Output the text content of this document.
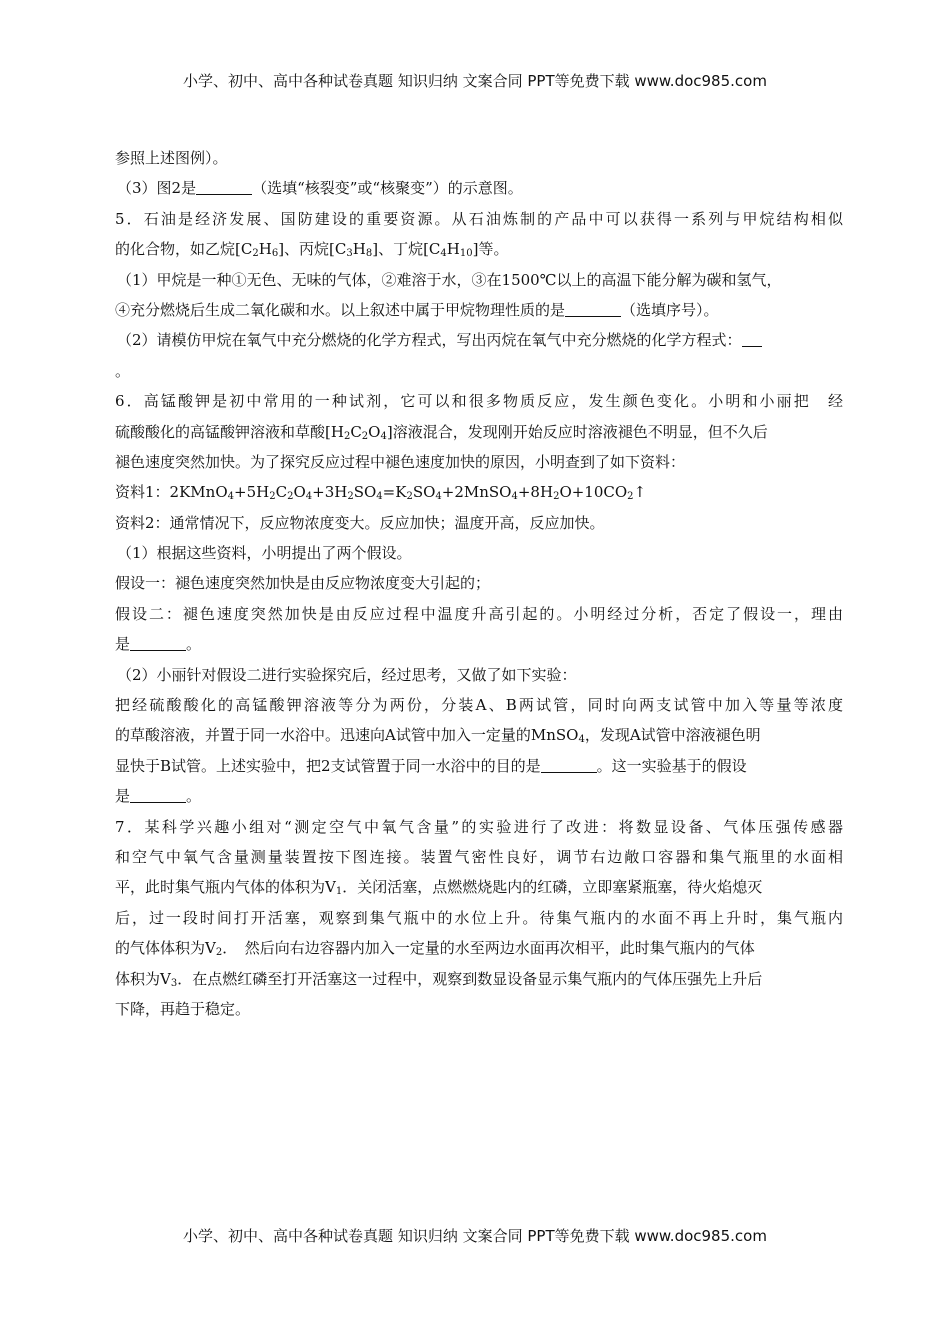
小学、初中、高中各种试卷真题 知识归纳 文案合同 PPT等免费下载 www.doc985.com
参照上述图例）。
（3）图2是	（选填“核裂变”或“核聚变”）的示意图。
5．石油是经济发展、国防建设的重要资源。从石油炼制的产品中可以获得一系列与甲烷结构相似
的化合物，如乙烷$[C_2H_6]$、丙烷$[C_3H_8]$、丁烷$[C_4H_{10}]$等。
（1）甲烷是一种①无色、无味的气体，②难溶于水，③在1500℃以上的高温下能分解为碳和氢气，
④充分燃烧后生成二氧化碳和水。以上叙述中属于甲烷物理性质的是	（选填序号）。
（2）请模仿甲烷在氧气中充分燃烧的化学方程式，写出丙烷在氧气中充分燃烧的化学方程式：
。
6．高锰酸钾是初中常用的一种试剂，它可以和很多物质反应，发生颜色变化。小明和小丽把　经
硫酸酸化的高锰酸钾溶液和草酸$[H_2C_2O_4]$溶液混合，发现刚开始反应时溶液褪色不明显，但不久后
褪色速度突然加快。为了探究反应过程中褪色速度加快的原因，小明查到了如下资料：
资料1：$2KMnO_4+5H_2C_2O_4+3H_2SO_4=K_2SO_4+2MnSO_4+8H_2O+10CO_2↑$
资料2：通常情况下，反应物浓度变大。反应加快；温度开高，反应加快。
（1）根据这些资料，小明提出了两个假设。
假设一：褪色速度突然加快是由反应物浓度变大引起的；
假设二：褪色速度突然加快是由反应过程中温度升高引起的。小明经过分析，否定了假设一，理由
是	。
（2）小丽针对假设二进行实验探究后，经过思考，又做了如下实验：
把经硫酸酸化的高锰酸钾溶液等分为两份，分装A、B两试管，同时向两支试管中加入等量等浓度
的草酸溶液，并置于同一水浴中。迅速向A试管中加入一定量的MnSO$_4$，发现A试管中溶液褪色明
显快于B试管。上述实验中，把2支试管置于同一水浴中的目的是	。这一实验基于的假设
是	。
7．某科学兴趣小组对“测定空气中氧气含量”的实验进行了改进：将数显设备、气体压强传感器
和空气中氧气含量测量装置按下图连接。装置气密性良好，调节右边敞口容器和集气瓶里的水面相
平，此时集气瓶内气体的体积为$V_1$．关闭活塞，点燃燃烧匙内的红磷，立即塞紧瓶塞，待火焰熄灭
后，过一段时间打开活塞，观察到集气瓶中的水位上升。待集气瓶内的水面不再上升时，集气瓶内
的气体体积为$V_2$．　然后向右边容器内加入一定量的水至两边水面再次相平，此时集气瓶内的气体
体积为$V_3$．在点燃红磷至打开活塞这一过程中，观察到数显设备显示集气瓶内的气体压强先上升后
下降，再趋于稳定。
小学、初中、高中各种试卷真题 知识归纳 文案合同 PPT等免费下载 www.doc985.com
